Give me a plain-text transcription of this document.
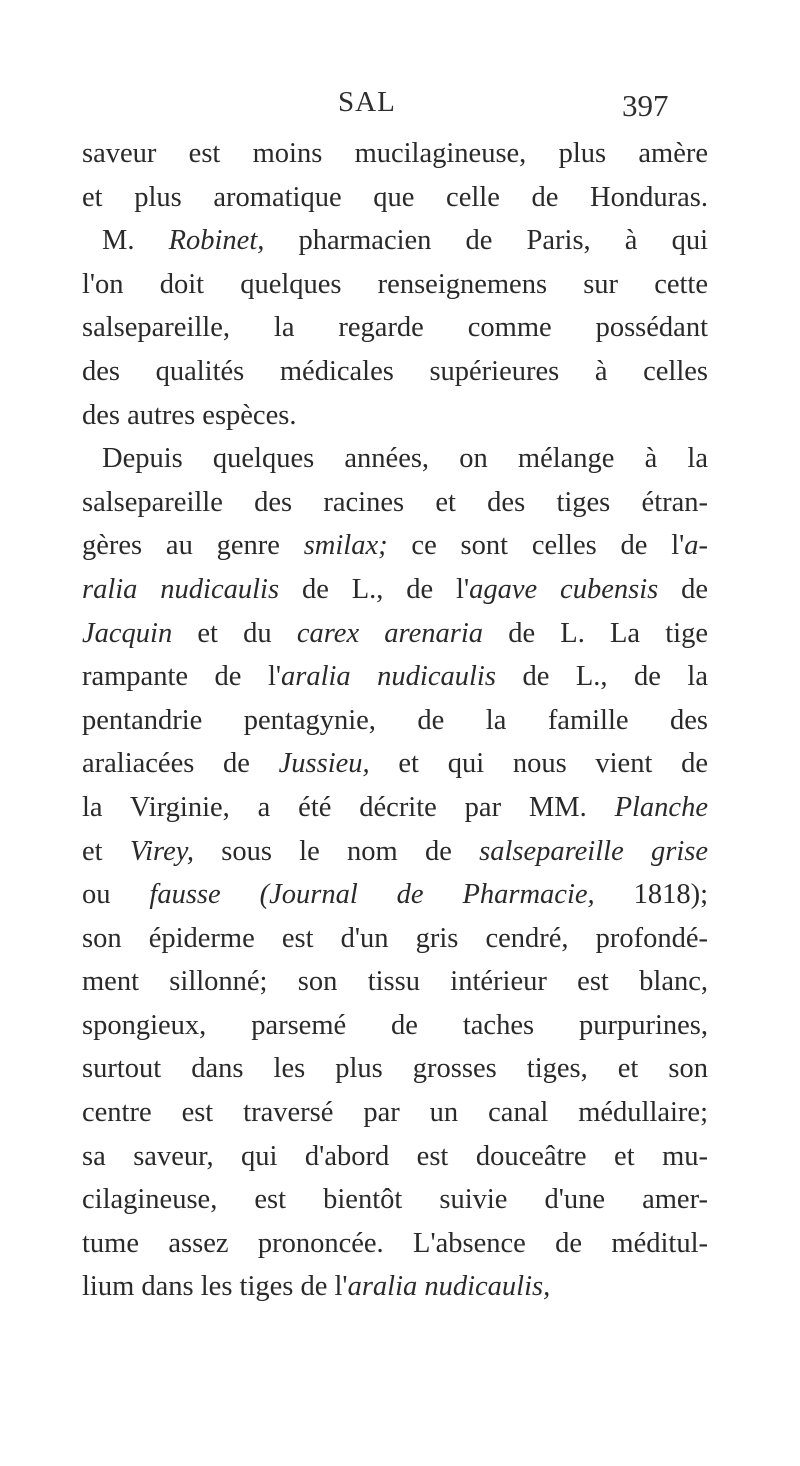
SAL	397
saveur est moins mucilagineuse, plus amère
et plus aromatique que celle de Honduras.
M. Robinet, pharmacien de Paris, à qui
l'on doit quelques renseignemens sur cette
salsepareille, la regarde comme possédant
des qualités médicales supérieures à celles
des autres espèces.
Depuis quelques années, on mélange à la
salsepareille des racines et des tiges étran-
gères au genre smilax; ce sont celles de l'a-
ralia nudicaulis de L., de l'agave cubensis de
Jacquin et du carex arenaria de L. La tige
rampante de l'aralia nudicaulis de L., de la
pentandrie pentagynie, de la famille des
araliacées de Jussieu, et qui nous vient de
la Virginie, a été décrite par MM. Planche
et Virey, sous le nom de salsepareille grise
ou fausse (Journal de Pharmacie, 1818);
son épiderme est d'un gris cendré, profondé-
ment sillonné; son tissu intérieur est blanc,
spongieux, parsemé de taches purpurines,
surtout dans les plus grosses tiges, et son
centre est traversé par un canal médullaire;
sa saveur, qui d'abord est douceâtre et mu-
cilagineuse, est bientôt suivie d'une amer-
tume assez prononcée. L'absence de méditul-
lium dans les tiges de l'aralia nudicaulis,
